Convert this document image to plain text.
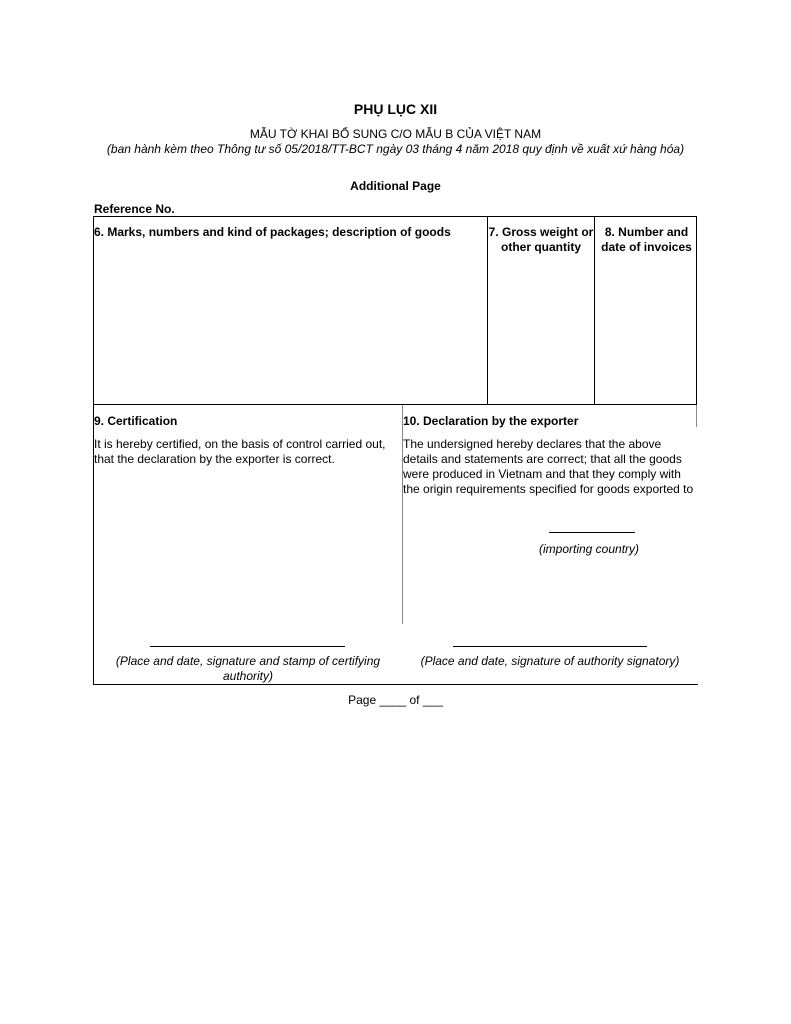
PHỤ LỤC XII
MẪU TỜ KHAI BỔ SUNG C/O MẪU B CỦA VIỆT NAM
(ban hành kèm theo Thông tư số 05/2018/TT-BCT ngày 03 tháng 4 năm 2018 quy định về xuất xứ hàng hóa)
Additional Page
Reference No.
6. Marks, numbers and kind of packages; description of goods	7. Gross weight or other quantity
8. Number and date of invoices
9. Certification
It is hereby certified, on the basis of control carried out, that the declaration by the exporter is correct.
10. Declaration by the exporter
The undersigned hereby declares that the above details and statements are correct; that all the goods were produced in Vietnam and that they comply with the origin requirements specified for goods exported to
(importing country)
(Place and date, signature and stamp of certifying authority)
(Place and date, signature of authority signatory)
Page ____ of ___
